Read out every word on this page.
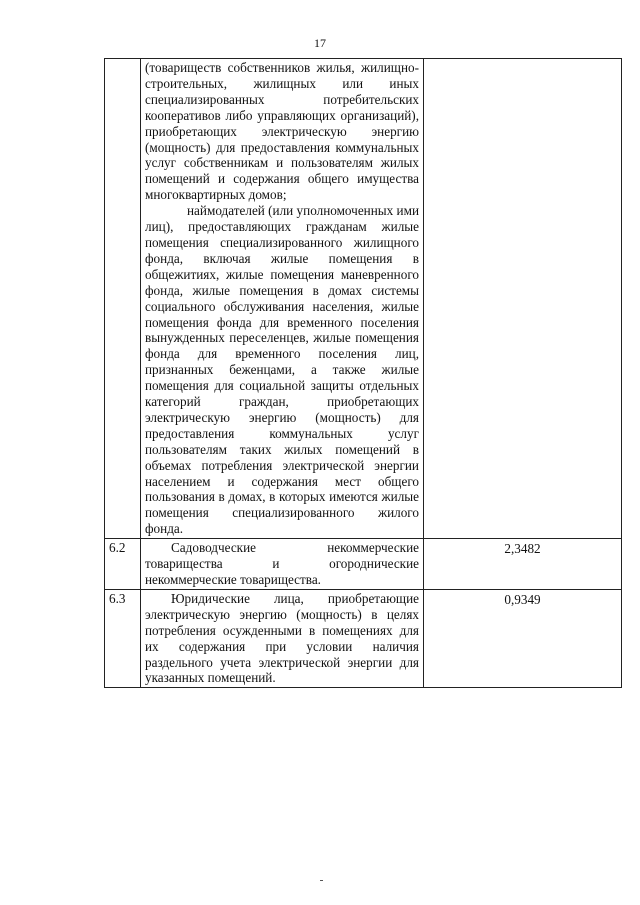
17

	(товариществ собственников жилья, жилищно-строительных, жилищных или иных специализированных потребительских кооперативов либо управляющих организаций), приобретающих электрическую энергию (мощность) для предоставления коммунальных услуг собственникам и пользователям жилых помещений и содержания общего имущества многоквартирных домов;

наймодателей (или уполномоченных ими лиц), предоставляющих гражданам жилые помещения специализированного жилищного фонда, включая жилые помещения в общежитиях, жилые помещения маневренного фонда, жилые помещения в домах системы социального обслуживания населения, жилые помещения фонда для временного поселения вынужденных переселенцев, жилые помещения фонда для временного поселения лиц, признанных беженцами, а также жилые помещения для социальной защиты отдельных категорий граждан, приобретающих электрическую энергию (мощность) для предоставления коммунальных услуг пользователям таких жилых помещений в объемах потребления электрической энергии населением и содержания мест общего пользования в домах, в которых имеются жилые помещения специализированного жилого фонда.	

6.2	Садоводческие некоммерческие товарищества и огороднические некоммерческие товарищества.	2,3482
6.3	Юридические лица, приобретающие электрическую энергию (мощность) в целях потребления осужденными в помещениях для их содержания при условии наличия раздельного учета электрической энергии для указанных помещений.	0,9349
